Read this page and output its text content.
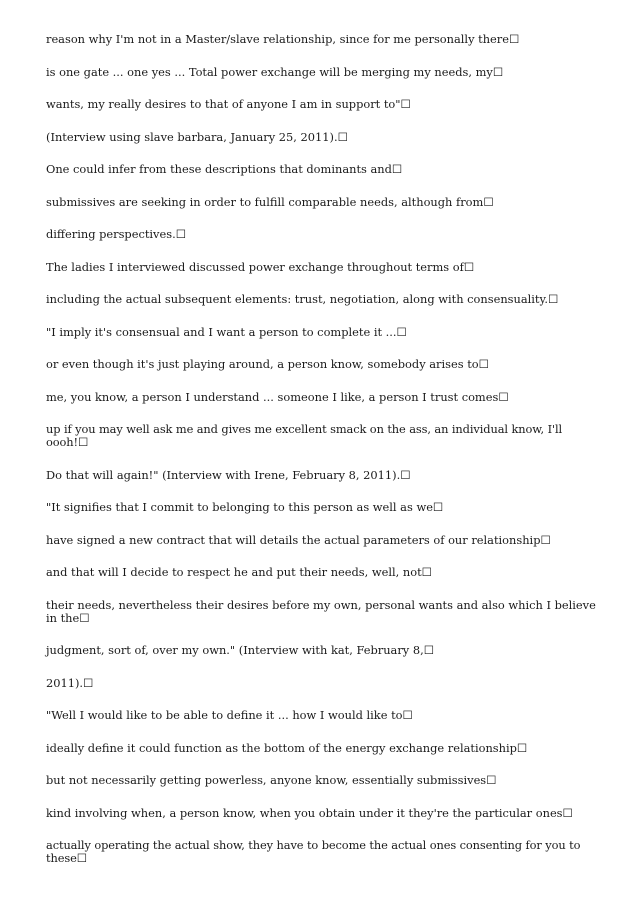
reason why I'm not in a Master/slave relationship, since for me personally there☐

is one gate ... one yes ... Total power exchange will be merging my needs, my☐

wants, my really desires to that of anyone I am in support to"☐

(Interview using slave barbara, January 25, 2011).☐

One could infer from these descriptions that dominants and☐

submissives are seeking in order to fulfill comparable needs, although from☐

differing perspectives.☐

The ladies I interviewed discussed power exchange throughout terms of☐

including the actual subsequent elements: trust, negotiation, along with consensuality.☐

"I imply it's consensual and I want a person to complete it ...☐

or even though it's just playing around, a person know, somebody arises to☐

me, you know, a person I understand ... someone I like, a person I trust comes☐

up if you may well ask me and gives me excellent smack on the ass, an individual know, I'll oooh!☐

Do that will again!" (Interview with Irene, February 8, 2011).☐

"It signifies that I commit to belonging to this person as well as we☐

have signed a new contract that will details the actual parameters of our relationship☐

and that will I decide to respect he and put their needs, well, not☐

their needs, nevertheless their desires before my own, personal wants and also which I believe in the☐

judgment, sort of, over my own." (Interview with kat, February 8,☐

2011).☐

"Well I would like to be able to define it ... how I would like to☐

ideally define it could function as the bottom of the energy exchange relationship☐

but not necessarily getting powerless, anyone know, essentially submissives☐

kind involving when, a person know, when you obtain under it they're the particular ones☐

actually operating the actual show, they have to become the actual ones consenting for you to these☐
